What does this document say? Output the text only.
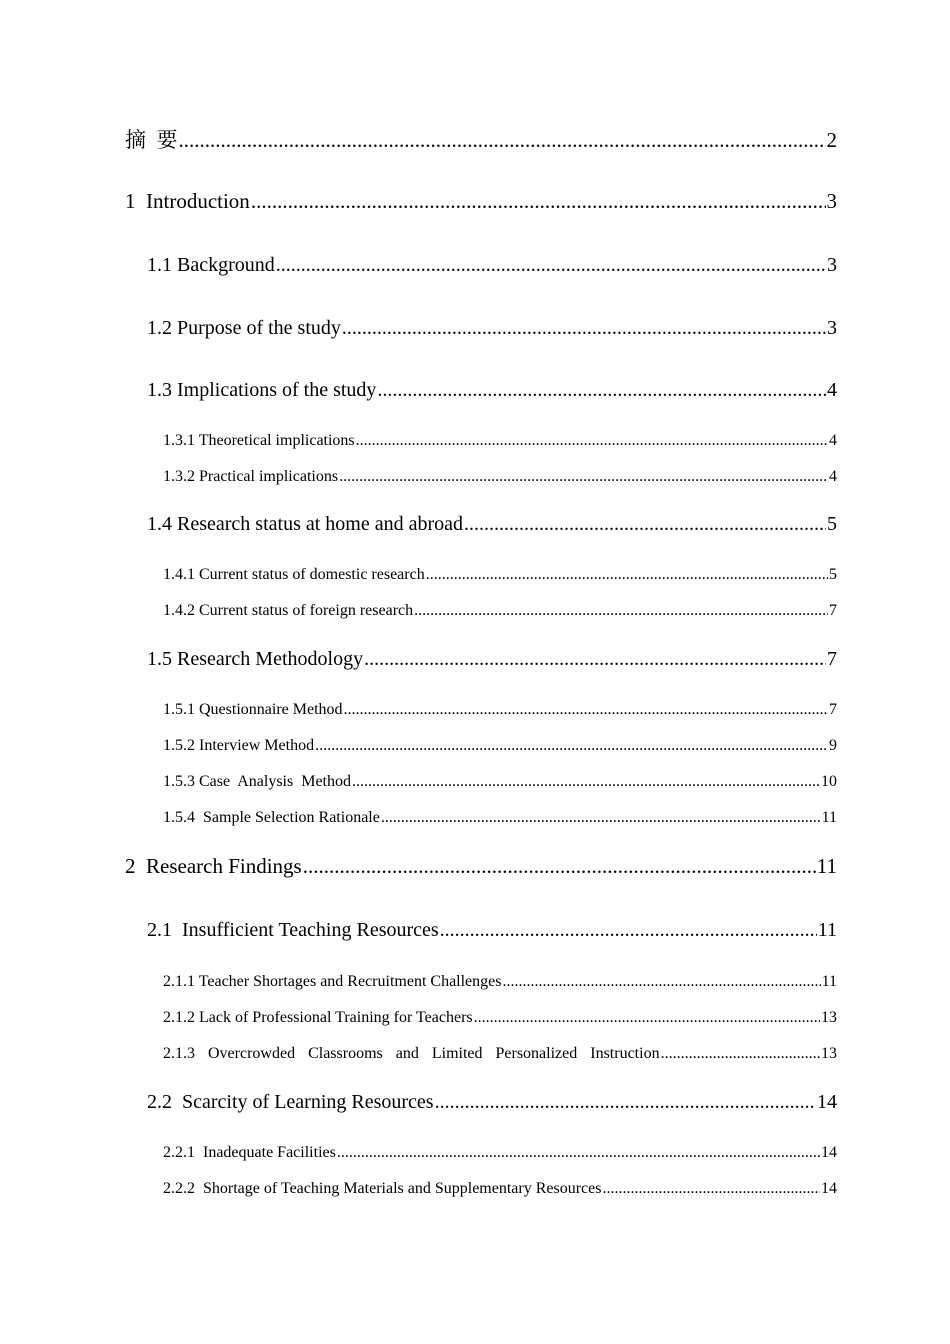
摘  要 .....	2
1  Introduction .....	3
1.1 Background .....	3
1.2 Purpose of the study .....	3
1.3 Implications of the study .....	4
1.3.1 Theoretical implications .....	4
1.3.2 Practical implications .....	4
1.4 Research status at home and abroad .....	5
1.4.1 Current status of domestic research .....	5
1.4.2 Current status of foreign research .....	7
1.5 Research Methodology .....	7
1.5.1 Questionnaire Method .....	7
1.5.2 Interview Method .....	9
1.5.3 Case  Analysis  Method .....	10
1.5.4  Sample Selection Rationale .....	11
2  Research Findings .....	11
2.1  Insufficient Teaching Resources .....	11
2.1.1 Teacher Shortages and Recruitment Challenges .....	11
2.1.2 Lack of Professional Training for Teachers .....	13
2.1.3 Overcrowded Classrooms and Limited Personalized Instruction .....	13
2.2  Scarcity of Learning Resources .....	14
2.2.1  Inadequate Facilities .....	14
2.2.2  Shortage of Teaching Materials and Supplementary Resources .....	14
